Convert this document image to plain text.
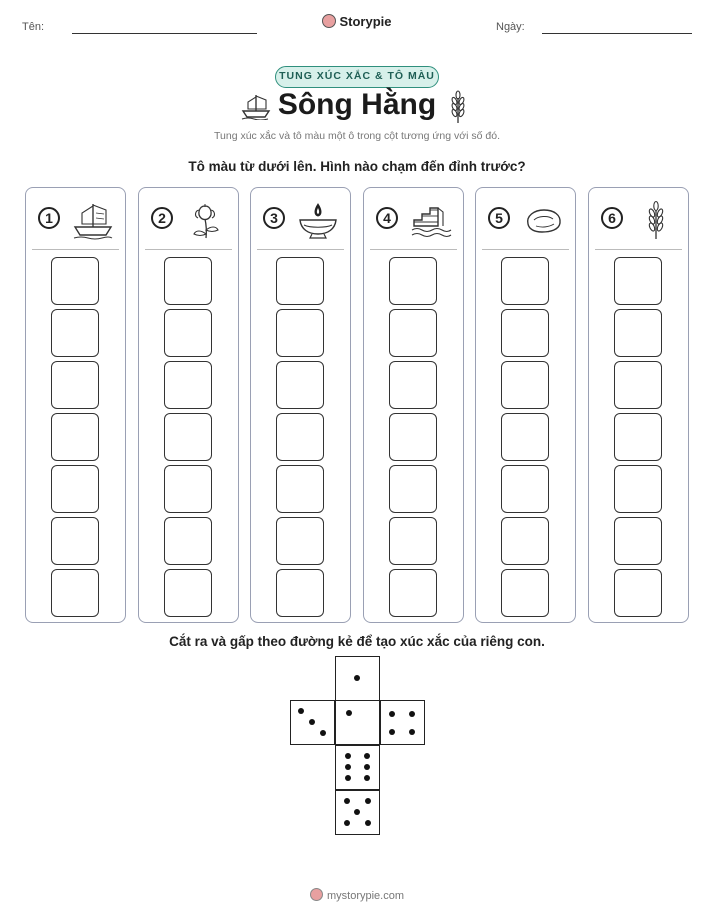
Tên:	Storypie	Ngày:
TUNG XÚC XẮC & TÔ MÀU
Sông Hằng
Tung xúc xắc và tô màu một ô trong cột tương ứng với số đó.
Tô màu từ dưới lên. Hình nào chạm đến đỉnh trước?
1	2	3	4	5	6
Cắt ra và gấp theo đường kẻ để tạo xúc xắc của riêng con.
mystorypie.com
